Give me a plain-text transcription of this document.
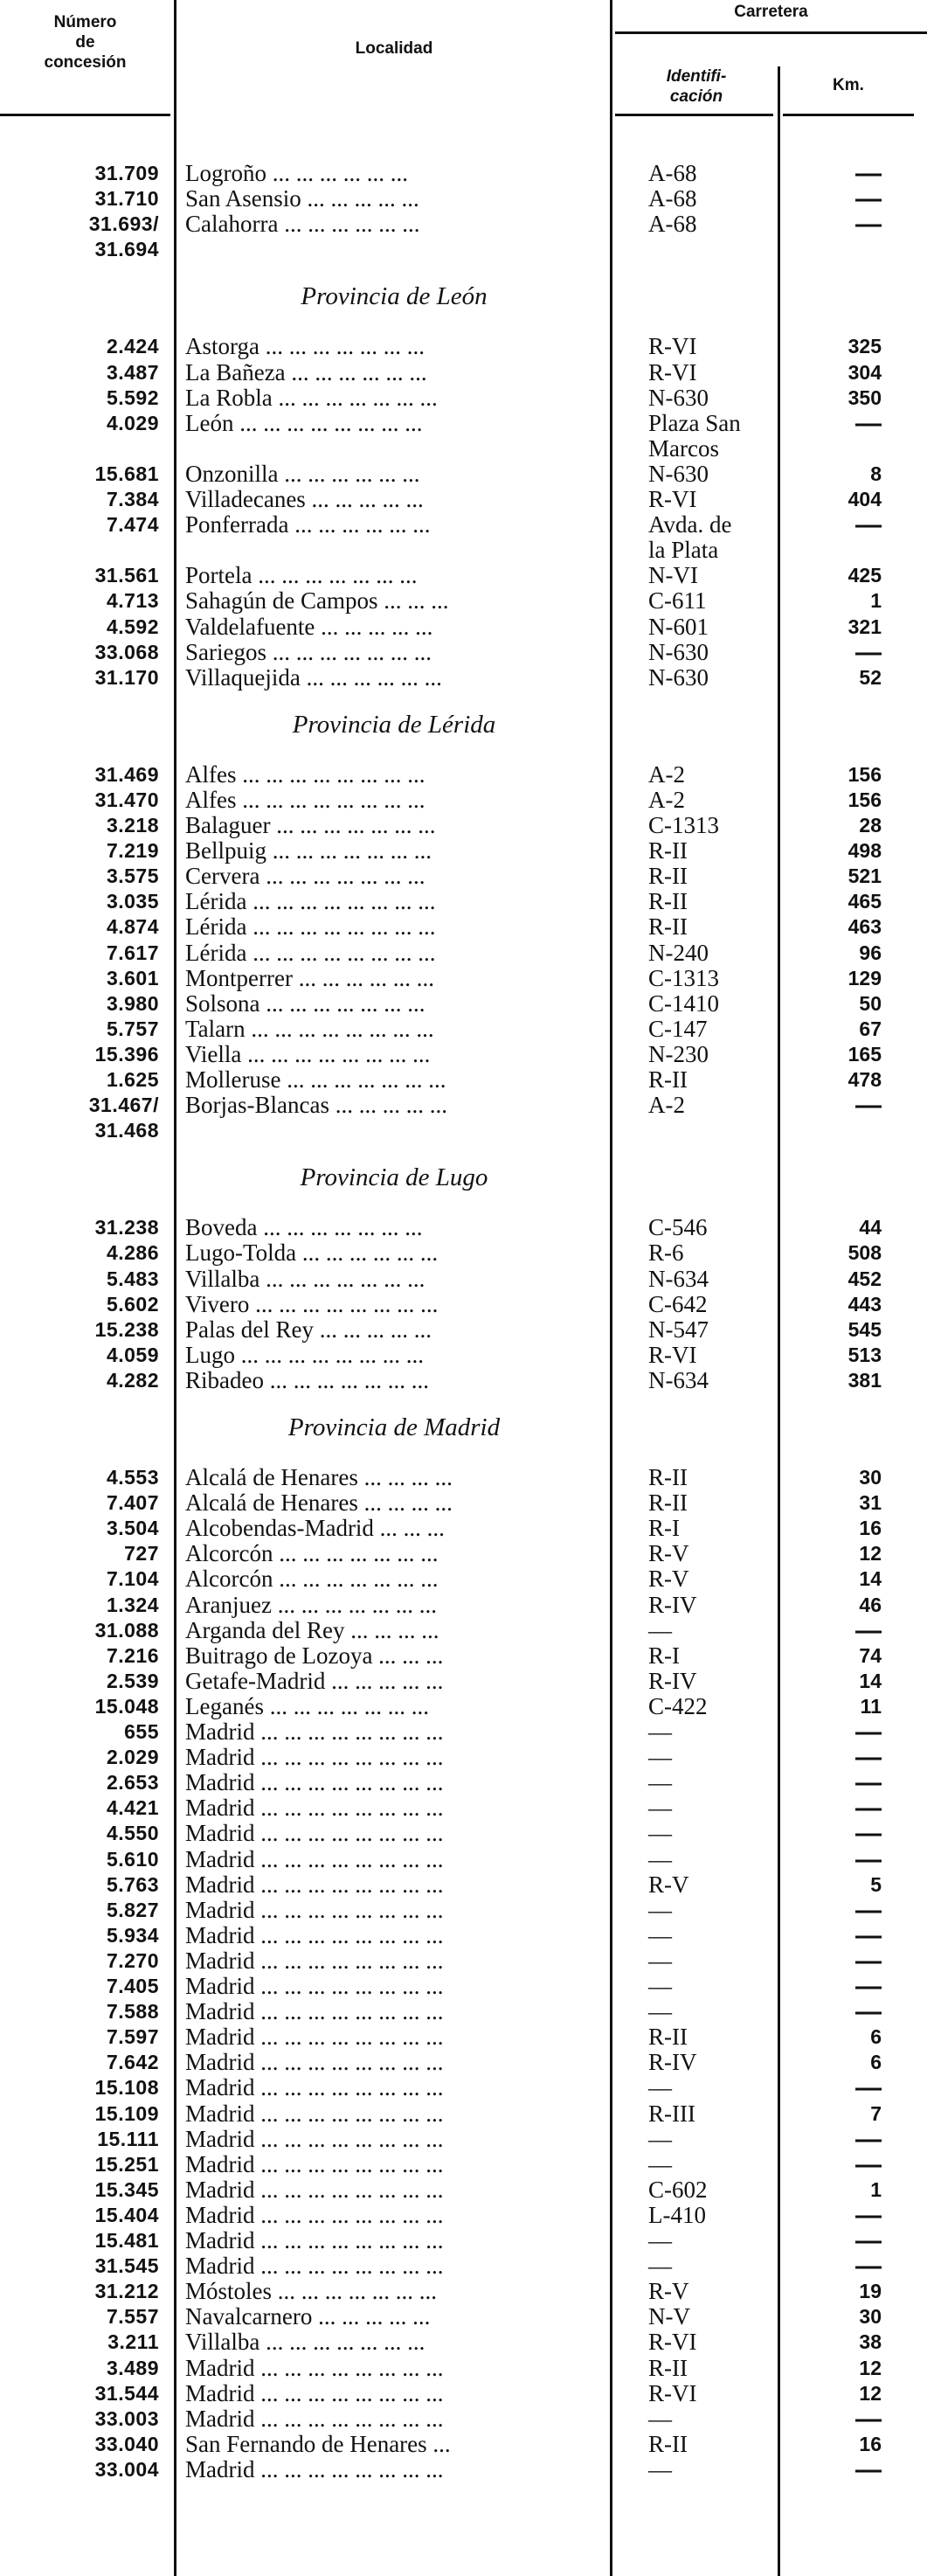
Número
de
concesión
Localidad
Carretera
Identifi-
cación
Km.
31.709 Logroño ... ... ... ... ... ...	A-68	—
31.710 San Asensio ... ... ... ... ...	A-68	—
31.693/ Calahorra ... ... ... ... ... ...	A-68	—
31.694
Provincia de León
2.424 Astorga ... ... ... ... ... ... ...	R-VI	325
3.487 La Bañeza ... ... ... ... ... ...	R-VI	304
5.592 La Robla ... ... ... ... ... ... ...	N-630	350
4.029 León ... ... ... ... ... ... ... ...	Plaza San	—
Marcos
15.681 Onzonilla ... ... ... ... ... ...	N-630	8
7.384 Villadecanes ... ... ... ... ...	R-VI	404
7.474 Ponferrada ... ... ... ... ... ...	Avda. de	—
la Plata
31.561 Portela ... ... ... ... ... ... ...	N-VI	425
4.713 Sahagún de Campos ... ... ...	C-611	1
4.592 Valdelafuente ... ... ... ... ...	N-601	321
33.068 Sariegos ... ... ... ... ... ... ...	N-630	—
31.170 Villaquejida ... ... ... ... ... ...	N-630	52
Provincia de Lérida
31.469 Alfes ... ... ... ... ... ... ... ...	A-2	156
31.470 Alfes ... ... ... ... ... ... ... ...	A-2	156
3.218 Balaguer ... ... ... ... ... ... ...	C-1313	28
7.219 Bellpuig ... ... ... ... ... ... ...	R-II	498
3.575 Cervera ... ... ... ... ... ... ...	R-II	521
3.035 Lérida ... ... ... ... ... ... ... ...	R-II	465
4.874 Lérida ... ... ... ... ... ... ... ...	R-II	463
7.617 Lérida ... ... ... ... ... ... ... ...	N-240	96
3.601 Montperrer ... ... ... ... ... ...	C-1313	129
3.980 Solsona ... ... ... ... ... ... ...	C-1410	50
5.757 Talarn ... ... ... ... ... ... ... ...	C-147	67
15.396 Viella ... ... ... ... ... ... ... ...	N-230	165
1.625 Molleruse ... ... ... ... ... ... ...	R-II	478
31.467/ Borjas-Blancas ... ... ... ... ...	A-2	—
31.468
Provincia de Lugo
31.238 Boveda ... ... ... ... ... ... ...	C-546	44
4.286 Lugo-Tolda ... ... ... ... ... ...	R-6	508
5.483 Villalba ... ... ... ... ... ... ...	N-634	452
5.602 Vivero ... ... ... ... ... ... ... ...	C-642	443
15.238 Palas del Rey ... ... ... ... ...	N-547	545
4.059 Lugo ... ... ... ... ... ... ... ...	R-VI	513
4.282 Ribadeo ... ... ... ... ... ... ...	N-634	381
Provincia de Madrid
4.553 Alcalá de Henares ... ... ... ...	R-II	30
7.407 Alcalá de Henares ... ... ... ...	R-II	31
3.504 Alcobendas-Madrid ... ... ...	R-I	16
727 Alcorcón ... ... ... ... ... ... ...	R-V	12
7.104 Alcorcón ... ... ... ... ... ... ...	R-V	14
1.324 Aranjuez ... ... ... ... ... ... ...	R-IV	46
31.088 Arganda del Rey ... ... ... ...	—	—
7.216 Buitrago de Lozoya ... ... ...	R-I	74
2.539 Getafe-Madrid ... ... ... ... ...	R-IV	14
15.048 Leganés ... ... ... ... ... ... ...	C-422	11
655 Madrid ... ... ... ... ... ... ... ...	—	—
2.029 Madrid ... ... ... ... ... ... ... ...	—	—
2.653 Madrid ... ... ... ... ... ... ... ...	—	—
4.421 Madrid ... ... ... ... ... ... ... ...	—	—
4.550 Madrid ... ... ... ... ... ... ... ...	—	—
5.610 Madrid ... ... ... ... ... ... ... ...	—	—
5.763 Madrid ... ... ... ... ... ... ... ...	R-V	5
5.827 Madrid ... ... ... ... ... ... ... ...	—	—
5.934 Madrid ... ... ... ... ... ... ... ...	—	—
7.270 Madrid ... ... ... ... ... ... ... ...	—	—
7.405 Madrid ... ... ... ... ... ... ... ...	—	—
7.588 Madrid ... ... ... ... ... ... ... ...	—	—
7.597 Madrid ... ... ... ... ... ... ... ...	R-II	6
7.642 Madrid ... ... ... ... ... ... ... ...	R-IV	6
15.108 Madrid ... ... ... ... ... ... ... ...	—	—
15.109 Madrid ... ... ... ... ... ... ... ...	R-III	7
15.111 Madrid ... ... ... ... ... ... ... ...	—	—
15.251 Madrid ... ... ... ... ... ... ... ...	—	—
15.345 Madrid ... ... ... ... ... ... ... ...	C-602	1
15.404 Madrid ... ... ... ... ... ... ... ...	L-410	—
15.481 Madrid ... ... ... ... ... ... ... ...	—	—
31.545 Madrid ... ... ... ... ... ... ... ...	—	—
31.212 Móstoles ... ... ... ... ... ... ...	R-V	19
7.557 Navalcarnero ... ... ... ... ...	N-V	30
3.211 Villalba ... ... ... ... ... ... ...	R-VI	38
3.489 Madrid ... ... ... ... ... ... ... ...	R-II	12
31.544 Madrid ... ... ... ... ... ... ... ...	R-VI	12
33.003 Madrid ... ... ... ... ... ... ... ...	—	—
33.040 San Fernando de Henares ...	R-II	16
33.004 Madrid ... ... ... ... ... ... ... ...	—	—
